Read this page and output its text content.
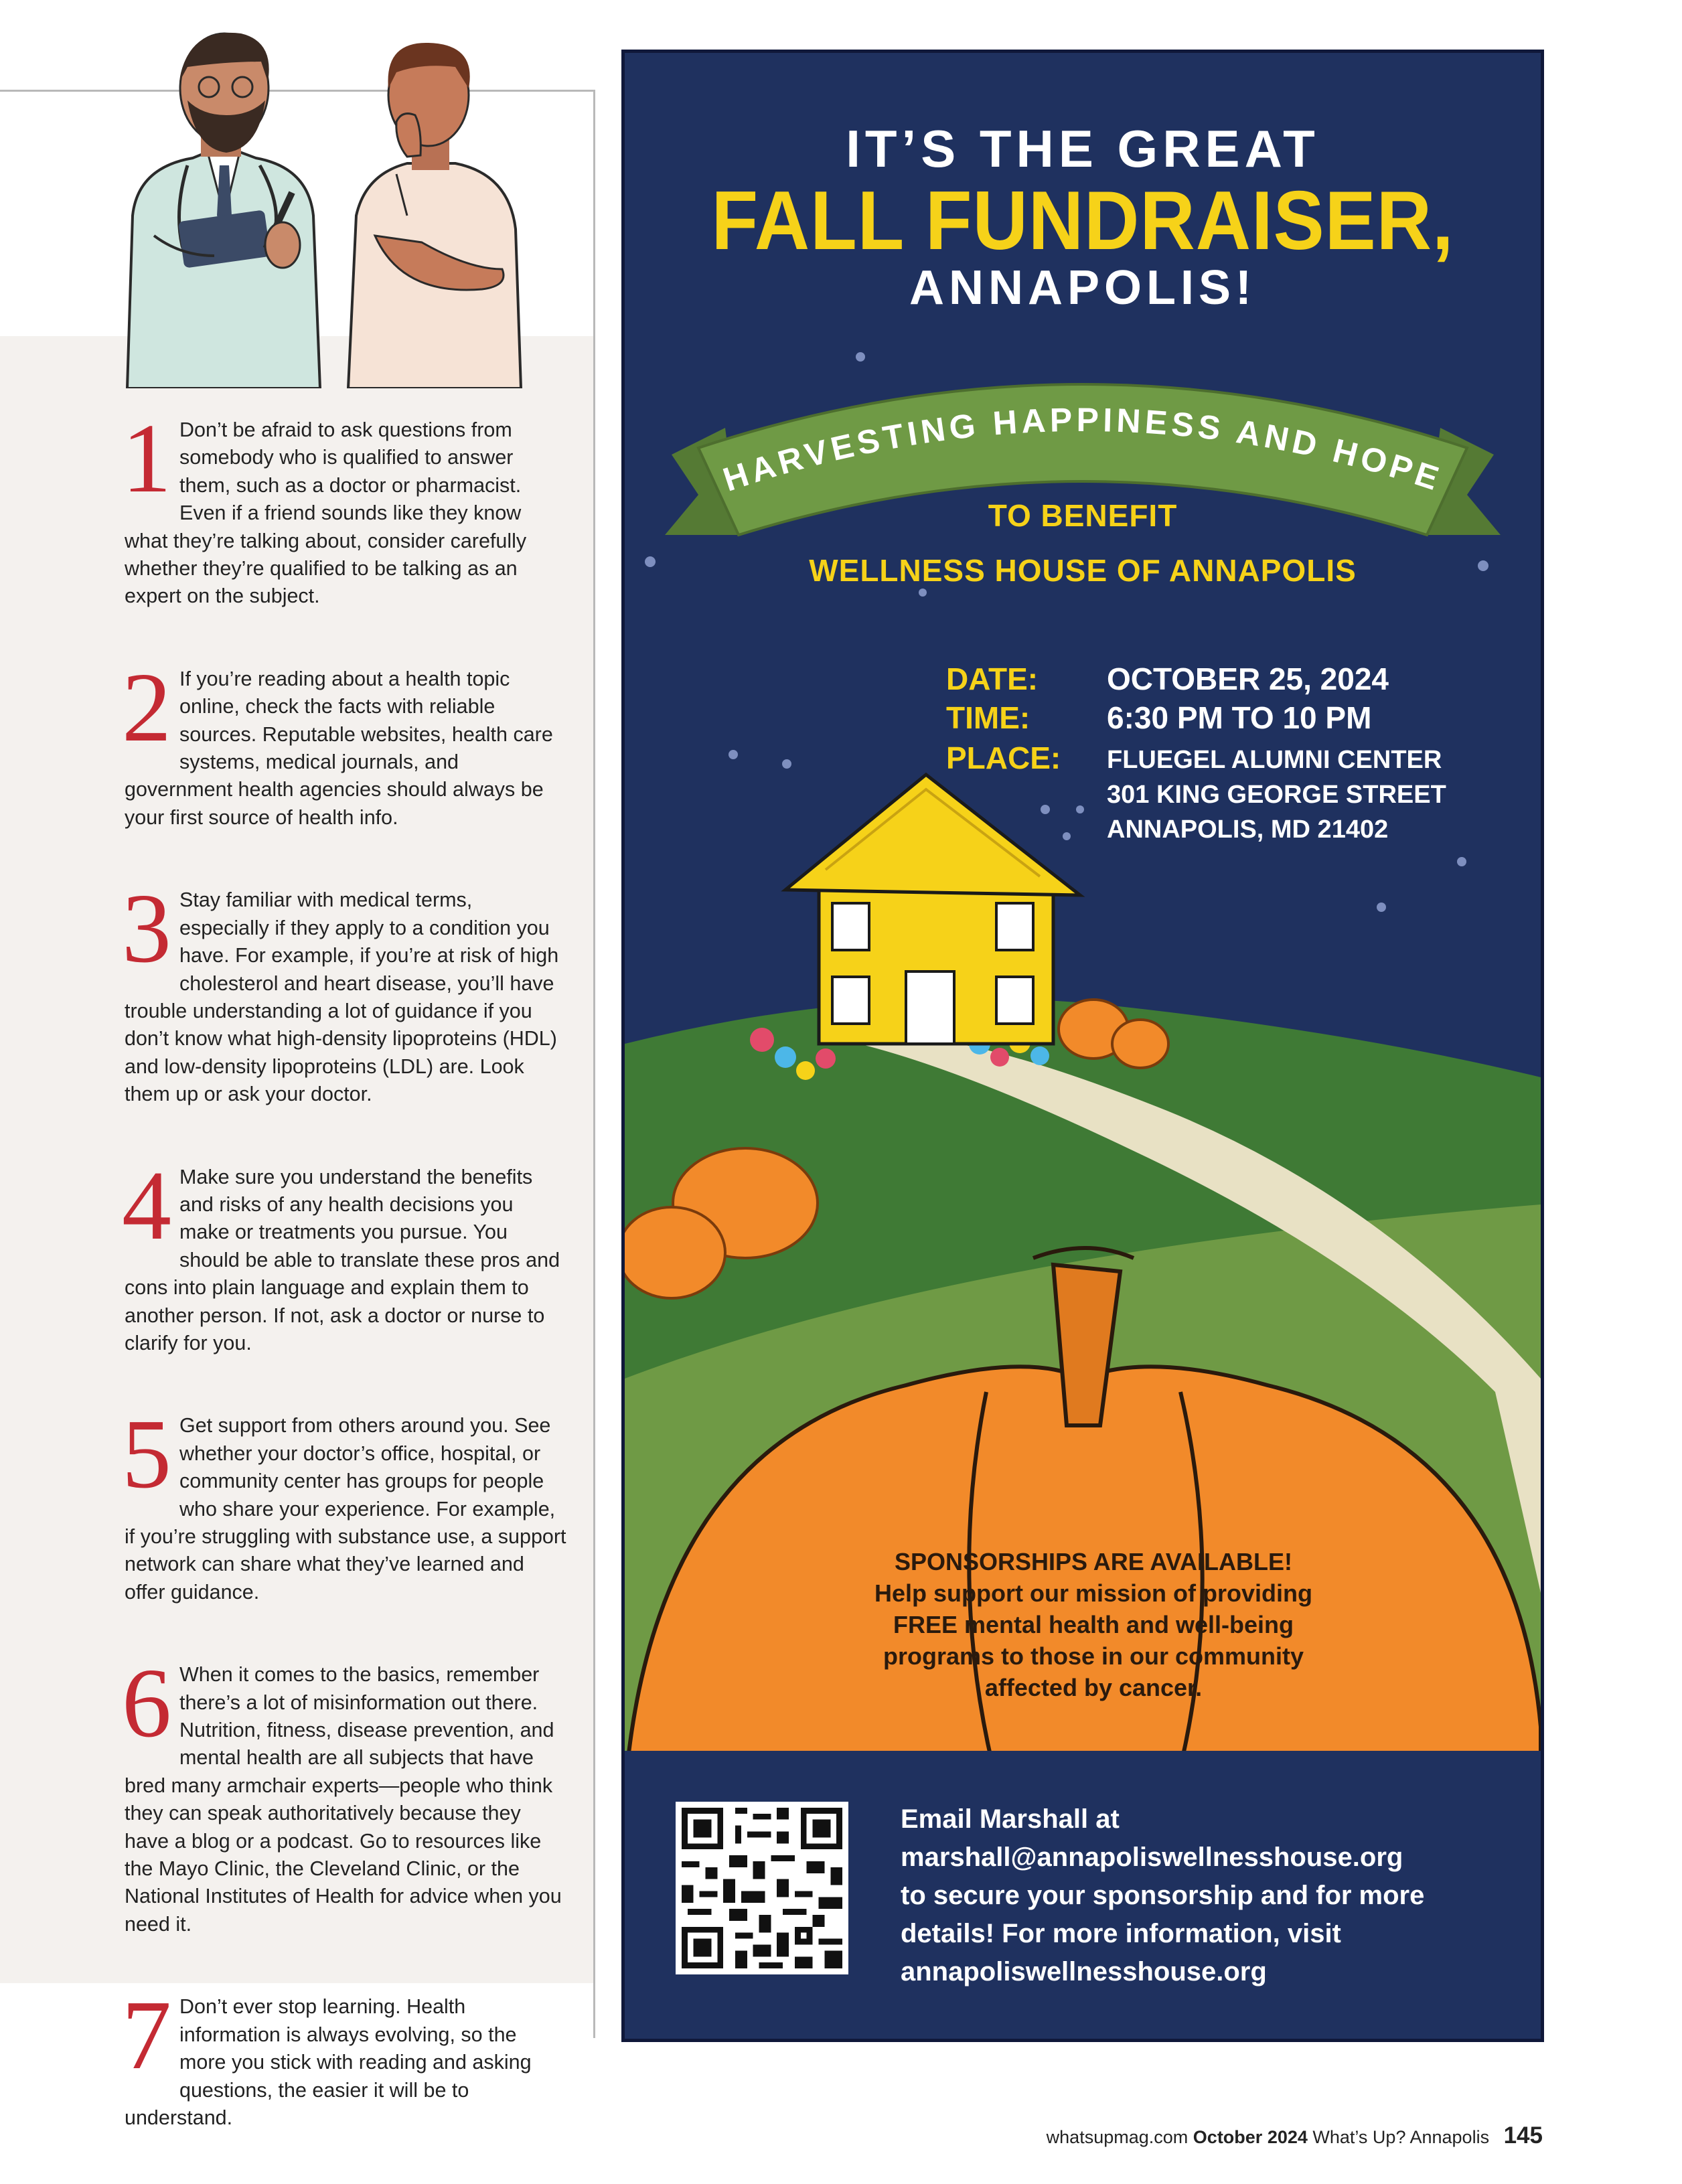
1 Don’t be afraid to ask questions from somebody who is qualified to answer them, such as a doctor or pharmacist. Even if a friend sounds like they know what they’re talking about, consider carefully whether they’re qualified to be talking as an expert on the subject.

2 If you’re reading about a health topic online, check the facts with reliable sources. Reputable websites, health care systems, medical journals, and government health agencies should always be your first source of health info.

3 Stay familiar with medical terms, especially if they apply to a condition you have. For example, if you’re at risk of high cholesterol and heart disease, you’ll have trouble understanding a lot of guidance if you don’t know what high-density lipoproteins (HDL) and low-density lipoproteins (LDL) are. Look them up or ask your doctor.

4 Make sure you understand the benefits and risks of any health decisions you make or treatments you pursue. You should be able to translate these pros and cons into plain language and explain them to another person. If not, ask a doctor or nurse to clarify for you.

5 Get support from others around you. See whether your doctor’s office, hospital, or community center has groups for people who share your experience. For example, if you’re struggling with substance use, a support network can share what they’ve learned and offer guidance.

6 When it comes to the basics, remember there’s a lot of misinformation out there. Nutrition, fitness, disease prevention, and mental health are all subjects that have bred many armchair experts—people who think they can speak authoritatively because they have a blog or a podcast. Go to resources like the Mayo Clinic, the Cleveland Clinic, or the National Institutes of Health for advice when you need it.

7 Don’t ever stop learning. Health information is always evolving, so the more you stick with reading and asking questions, the easier it will be to understand.

HARVESTING HAPPINESS AND HOPE
IT’S THE GREAT
FALL FUNDRAISER,
ANNAPOLIS!
TO BENEFIT
WELLNESS HOUSE OF ANNAPOLIS
DATE: OCTOBER 25, 2024
TIME: 6:30 PM TO 10 PM
PLACE: FLUEGEL ALUMNI CENTER
301 KING GEORGE STREET
ANNAPOLIS, MD 21402
SPONSORSHIPS ARE AVAILABLE!
Help support our mission of providing
FREE mental health and well-being
programs to those in our community
affected by cancer.
Email Marshall at
marshall@annapoliswellnesshouse.org
to secure your sponsorship and for more
details! For more information, visit
annapoliswellnesshouse.org
whatsupmag.com October 2024 What’s Up? Annapolis 145
